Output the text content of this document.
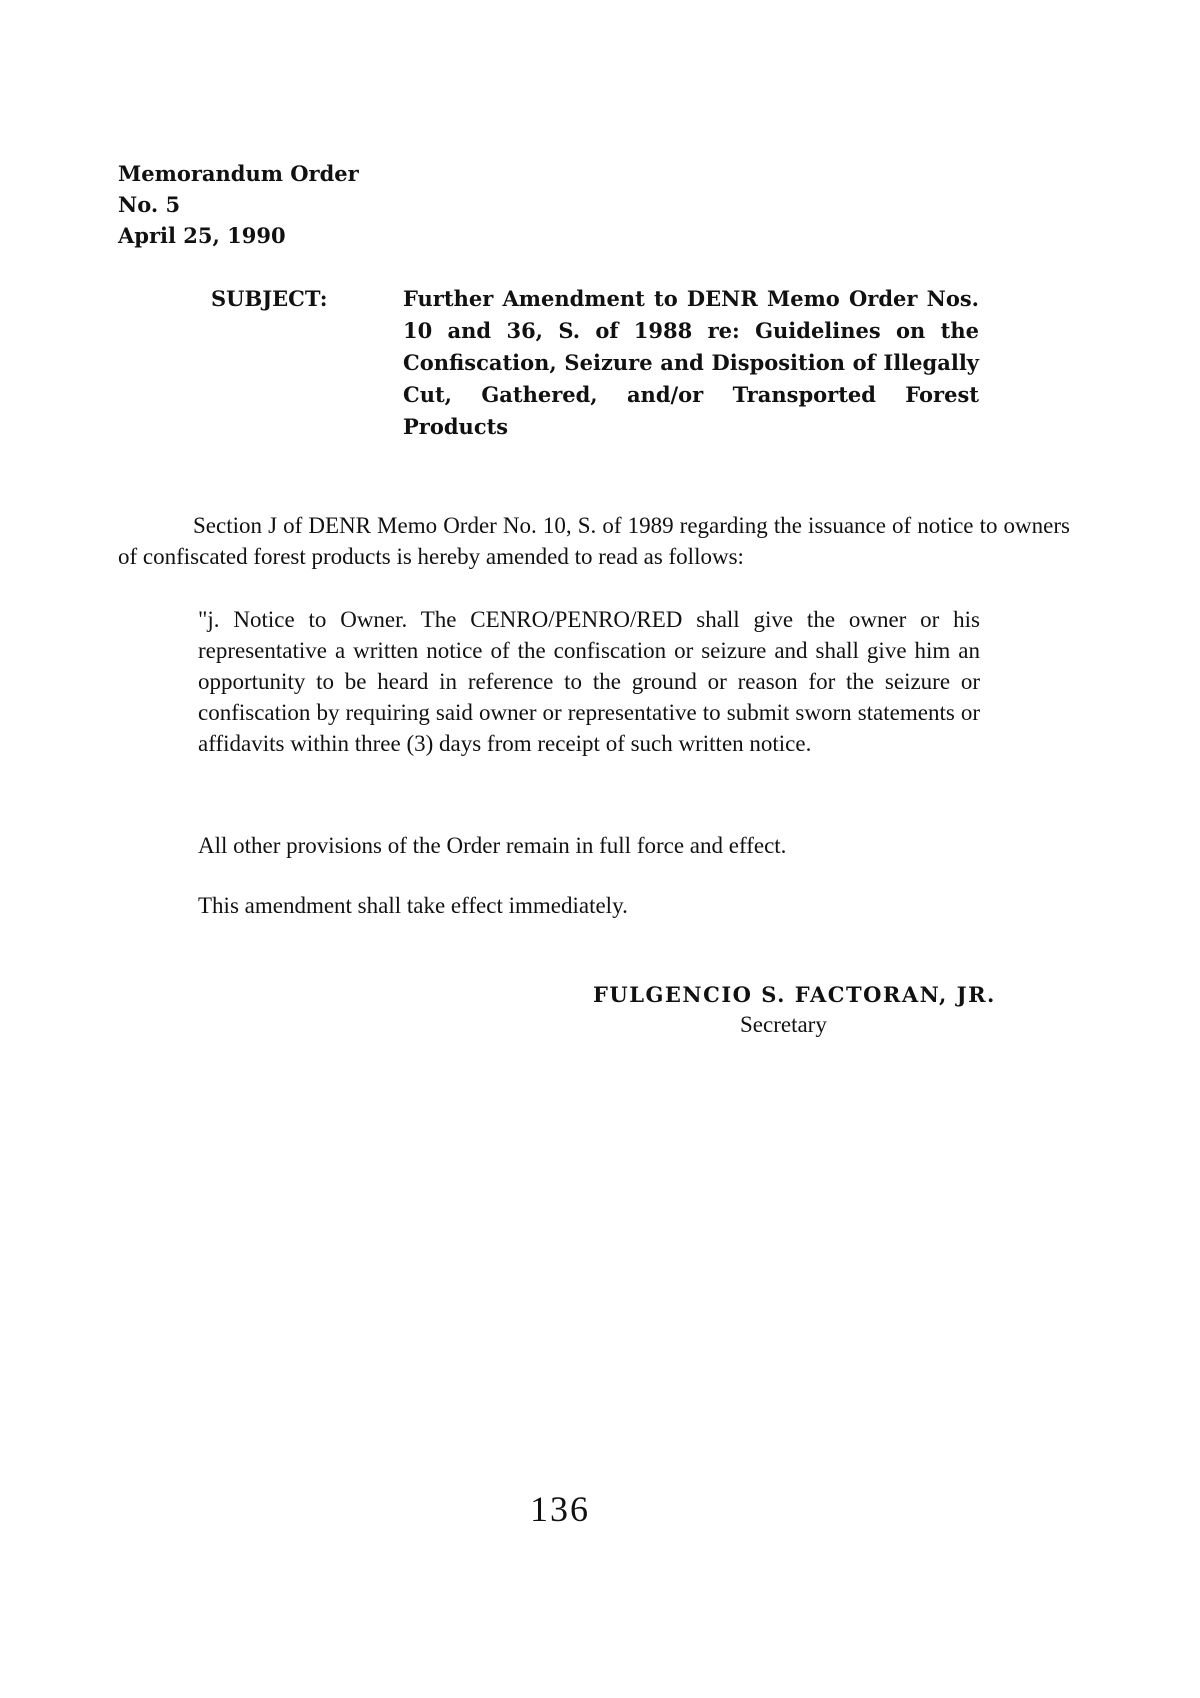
Memorandum Order
No. 5
April 25, 1990
SUBJECT:	Further Amendment to DENR Memo Order Nos. 10 and 36, S. of 1988 re: Guidelines on the Confiscation, Seizure and Disposition of Illegally Cut, Gathered, and/or Transported Forest Products

Section J of DENR Memo Order No. 10, S. of 1989 regarding the issuance of notice to owners of confiscated forest products is hereby amended to read as follows:

"j. Notice to Owner. The CENRO/PENRO/RED shall give the owner or his representative a written notice of the confiscation or seizure and shall give him an opportunity to be heard in reference to the ground or reason for the seizure or confiscation by requiring said owner or representative to submit sworn statements or affidavits within three (3) days from receipt of such written notice.

All other provisions of the Order remain in full force and effect.

This amendment shall take effect immediately.

FULGENCIO S. FACTORAN, JR.
Secretary
136
